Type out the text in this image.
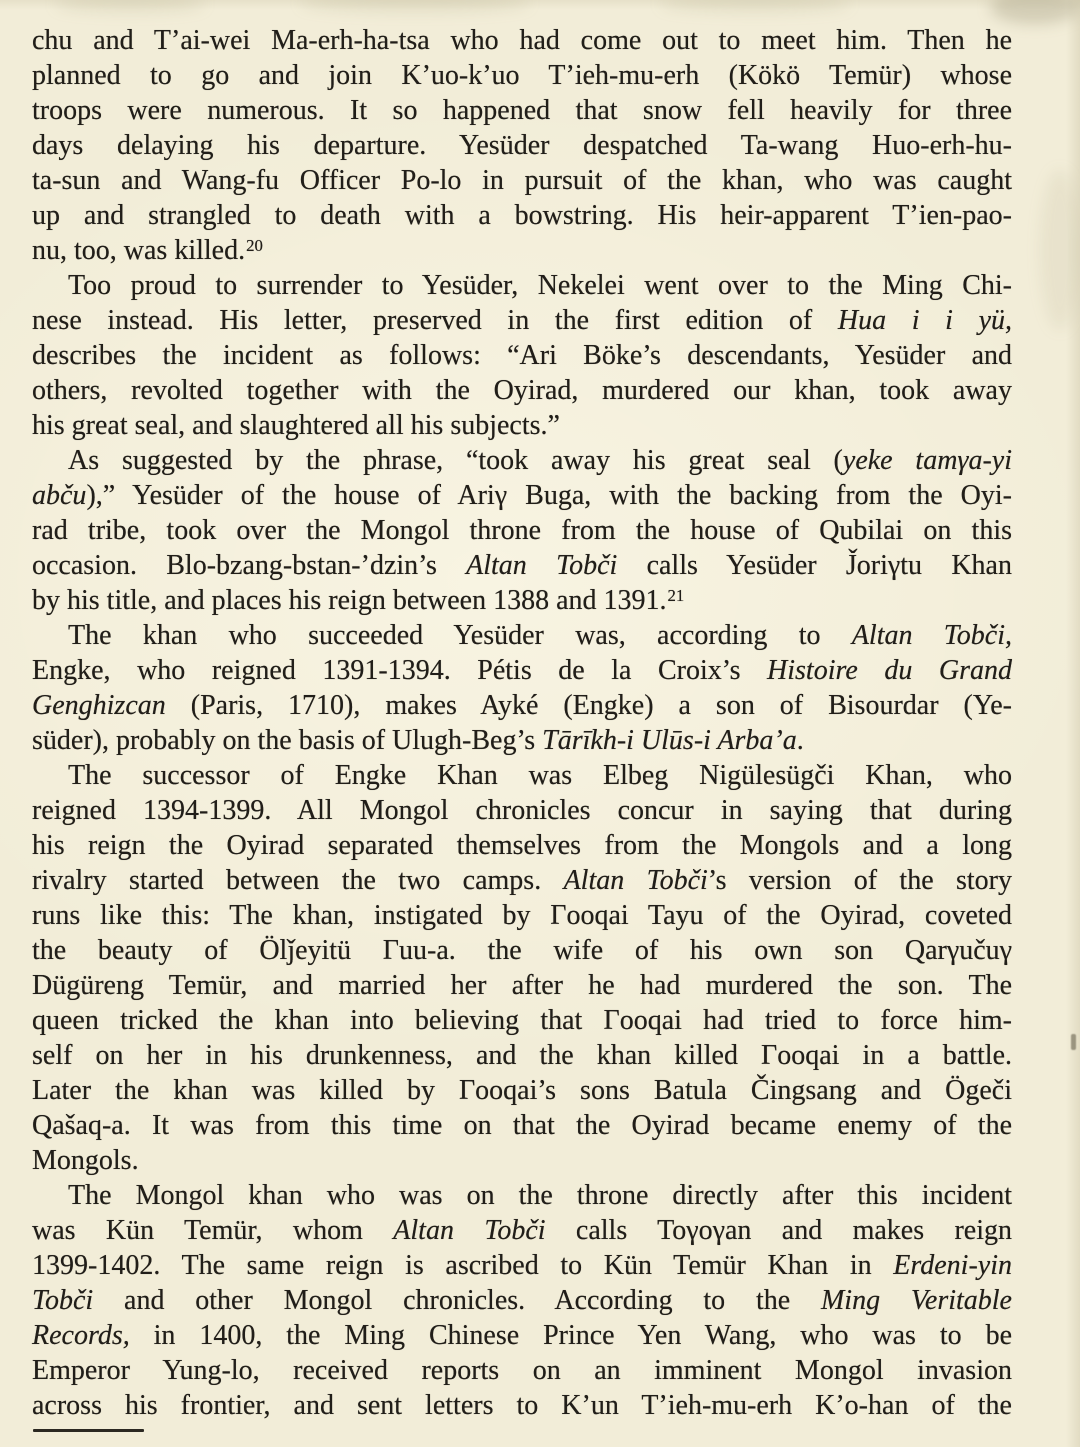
chu and T’ai-wei Ma-erh-ha-tsa who had come out to meet him. Then he
planned to go and join K’uo-k’uo T’ieh-mu-erh (Kökö Temür) whose
troops were numerous. It so happened that snow fell heavily for three
days delaying his departure. Yesüder despatched Ta-wang Huo-erh-hu-
ta-sun and Wang-fu Officer Po-lo in pursuit of the khan, who was caught
up and strangled to death with a bowstring. His heir-apparent T’ien-pao-
nu, too, was killed.$^{20}$

Too proud to surrender to Yesüder, Nekelei went over to the Ming Chi-
nese instead. His letter, preserved in the first edition of Hua i i yü,
describes the incident as follows: “Ari Böke’s descendants, Yesüder and
others, revolted together with the Oyirad, murdered our khan, took away
his great seal, and slaughtered all his subjects.”

As suggested by the phrase, “took away his great seal (yeke tamγa-yi
abču),” Yesüder of the house of Ariγ Buga, with the backing from the Oyi-
rad tribe, took over the Mongol throne from the house of Qubilai on this
occasion. Blo-bzang-bstan-’dzin’s Altan Tobči calls Yesüder J̌oriγtu Khan
by his title, and places his reign between 1388 and 1391.21

The khan who succeeded Yesüder was, according to Altan Tobči,
Engke, who reigned 1391-1394. Pétis de la Croix’s Histoire du Grand
Genghizcan (Paris, 1710), makes Ayké (Engke) a son of Bisourdar (Ye-
süder), probably on the basis of Ulugh-Beg’s Tārīkh-i Ulūs-i Arba’a.

The successor of Engke Khan was Elbeg Nigülesügči Khan, who
reigned 1394-1399. All Mongol chronicles concur in saying that during
his reign the Oyirad separated themselves from the Mongols and a long
rivalry started between the two camps. Altan Tobči’s version of the story
runs like this: The khan, instigated by Γooqai Tayu of the Oyirad, coveted
the beauty of Ölǰeyitü Γuu-a. the wife of his own son Qarγučuγ
Dügüreng Temür, and married her after he had murdered the son. The
queen tricked the khan into believing that Γooqai had tried to force him-
self on her in his drunkenness, and the khan killed Γooqai in a battle.
Later the khan was killed by Γooqai’s sons Batula Čingsang and Ögeči
Qašaq-a. It was from this time on that the Oyirad became enemy of the
Mongols.

The Mongol khan who was on the throne directly after this incident
was Kün Temür, whom Altan Tobči calls Toγoγan and makes reign
1399-1402. The same reign is ascribed to Kün Temür Khan in Erdeni-yin
Tobči and other Mongol chronicles. According to the Ming Veritable
Records, in 1400, the Ming Chinese Prince Yen Wang, who was to be
Emperor Yung-lo, received reports on an imminent Mongol invasion
across his frontier, and sent letters to K’un T’ieh-mu-erh K’o-han of the
